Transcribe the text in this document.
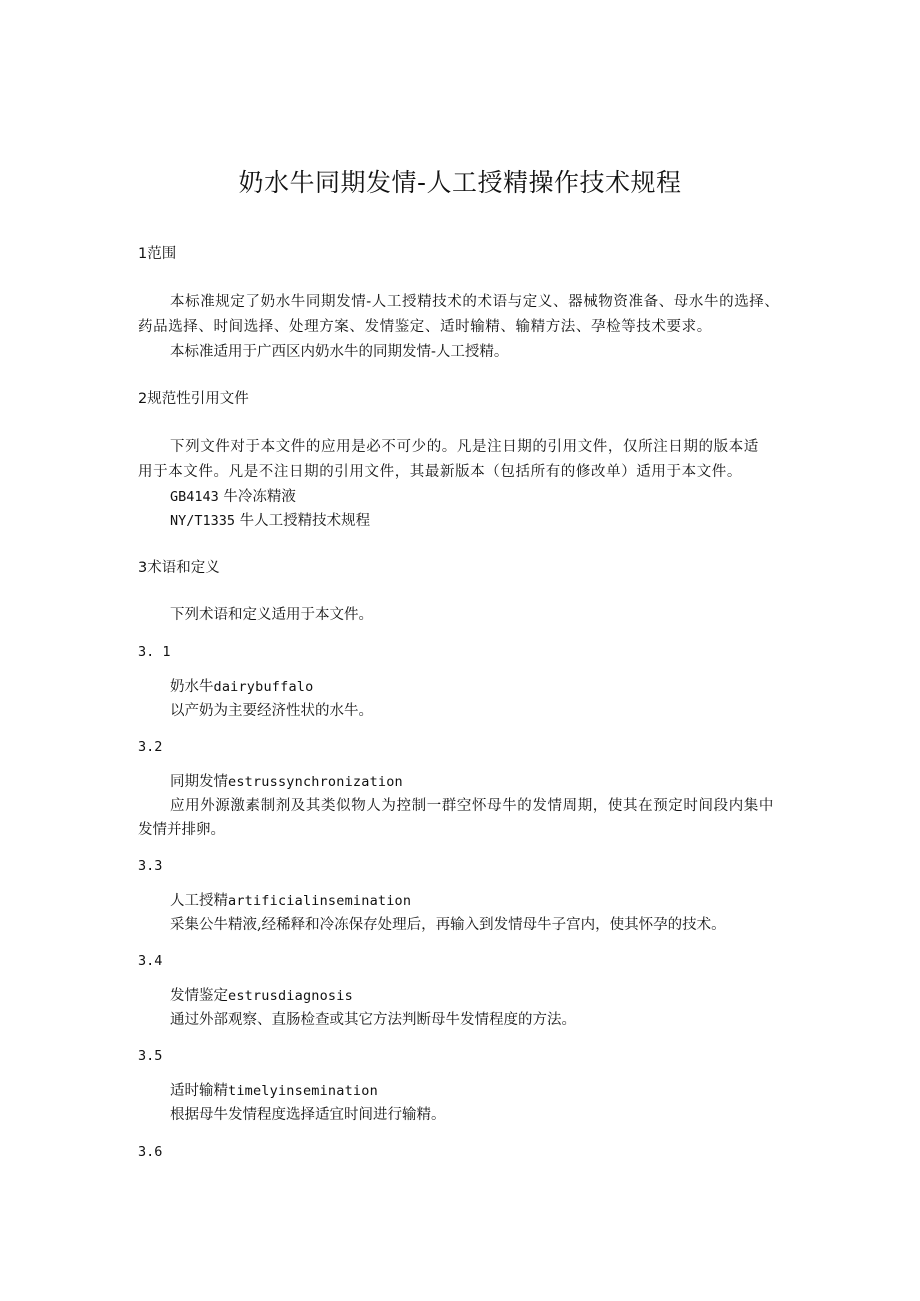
奶水牛同期发情-人工授精操作技术规程
1范围
本标准规定了奶水牛同期发情-人工授精技术的术语与定义、器械物资准备、母水牛的选择、
药品选择、时间选择、处理方案、发情鉴定、适时输精、输精方法、孕检等技术要求。
本标准适用于广西区内奶水牛的同期发情-人工授精。
2规范性引用文件
下列文件对于本文件的应用是必不可少的。凡是注日期的引用文件，仅所注日期的版本适
用于本文件。凡是不注日期的引用文件，其最新版本（包括所有的修改单）适用于本文件。
GB4143 牛冷冻精液
NY/T1335 牛人工授精技术规程
3术语和定义
下列术语和定义适用于本文件。
3. 1
奶水牛dairybuffalo
以产奶为主要经济性状的水牛。
3.2
同期发情estrussynchronization
应用外源激素制剂及其类似物人为控制一群空怀母牛的发情周期，使其在预定时间段内集中
发情并排卵。
3.3
人工授精artificialinsemination
采集公牛精液,经稀释和冷冻保存处理后，再输入到发情母牛子宫内，使其怀孕的技术。
3.4
发情鉴定estrusdiagnosis
通过外部观察、直肠检查或其它方法判断母牛发情程度的方法。
3.5
适时输精timelyinsemination
根据母牛发情程度选择适宜时间进行输精。
3.6
